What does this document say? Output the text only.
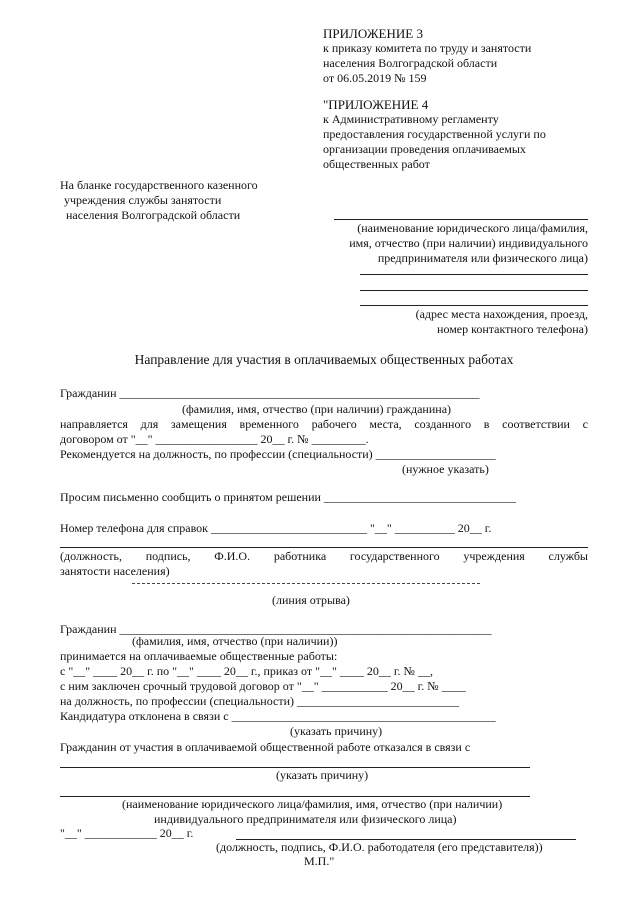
ПРИЛОЖЕНИЕ 3
к приказу комитета по труду и занятости
населения Волгоградской области
от 06.05.2019 № 159
"ПРИЛОЖЕНИЕ 4
к Административному регламенту
предоставления государственной услуги по
организации проведения оплачиваемых
общественных работ
На бланке государственного казенного
учреждения службы занятости
населения Волгоградской области
(наименование юридического лица/фамилия,
имя, отчество (при наличии) индивидуального
предпринимателя или физического лица)
(адрес места нахождения, проезд,
номер контактного телефона)
Направление для участия в оплачиваемых общественных работах
Гражданин ____________________________________________________________
(фамилия, имя, отчество (при наличии) гражданина)
направляется для замещения временного рабочего места, созданного в соответствии с
договором от "__" _________________ 20__ г. № _________.
Рекомендуется на должность, по профессии (специальности) ____________________
(нужное указать)
Просим письменно сообщить о принятом решении ________________________________
Номер телефона для справок __________________________ "__" __________ 20__ г.
(должность, подпись, Ф.И.О. работника государственного учреждения службы
занятости населения)
(линия отрыва)
Гражданин ______________________________________________________________
(фамилия, имя, отчество (при наличии))
принимается на оплачиваемые общественные работы:
с "__" ____ 20__ г. по "__" ____ 20__ г., приказ от "__" ____ 20__ г. № __,
с ним заключен срочный трудовой договор от "__" ___________ 20__ г. № ____
на должность, по профессии (специальности) ___________________________
Кандидатура отклонена в связи с ____________________________________________
(указать причину)
Гражданин от участия в оплачиваемой общественной работе отказался в связи с
(указать причину)
(наименование юридического лица/фамилия, имя, отчество (при наличии)
индивидуального предпринимателя или физического лица)
"__" ____________ 20__ г.
(должность, подпись, Ф.И.О. работодателя (его представителя))
М.П."
